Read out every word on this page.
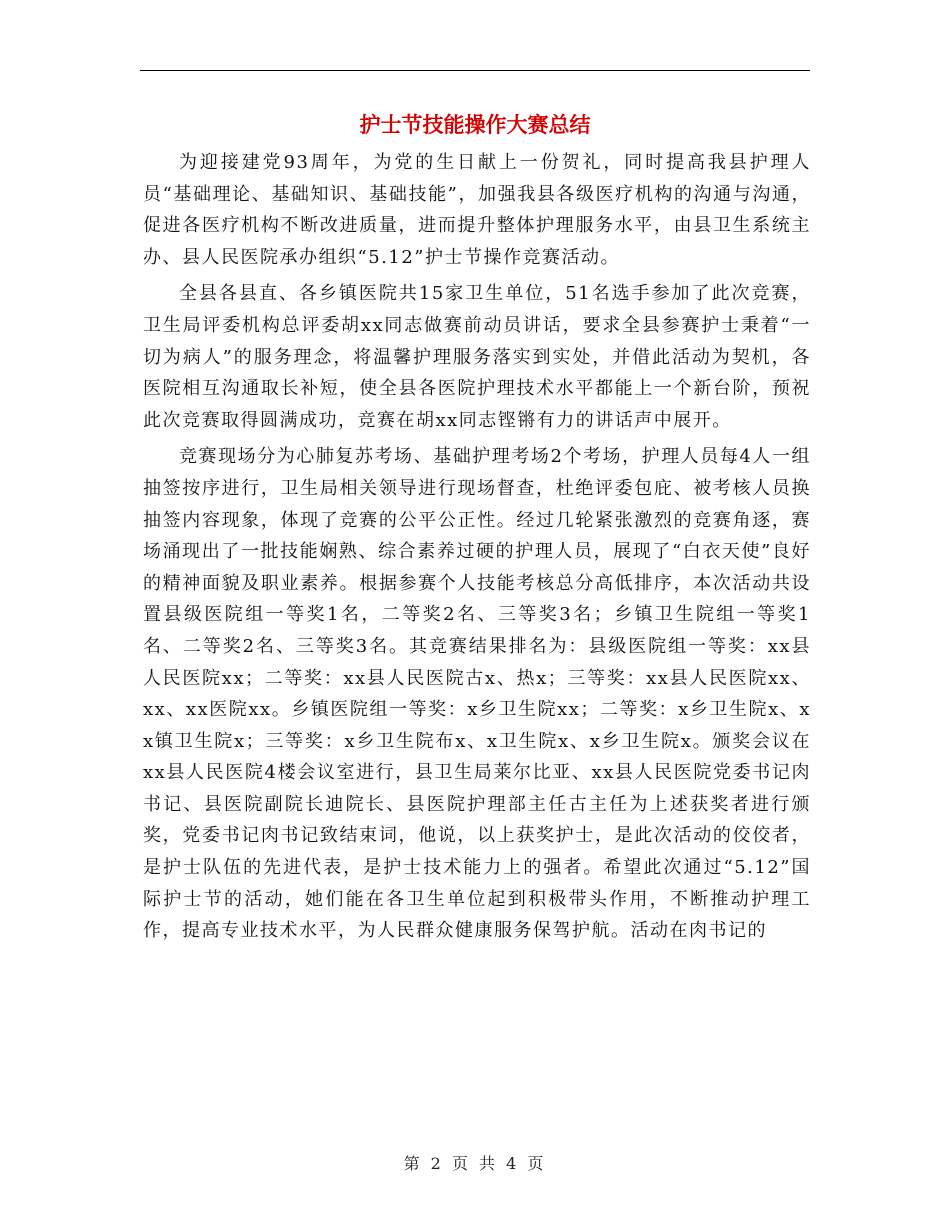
护士节技能操作大赛总结

为迎接建党93周年，为党的生日献上一份贺礼，同时提高我县护理人员“基础理论、基础知识、基础技能”，加强我县各级医疗机构的沟通与沟通，促进各医疗机构不断改进质量，进而提升整体护理服务水平，由县卫生系统主办、县人民医院承办组织“5.12”护士节操作竞赛活动。

全县各县直、各乡镇医院共15家卫生单位，51名选手参加了此次竞赛，卫生局评委机构总评委胡xx同志做赛前动员讲话，要求全县参赛护士秉着“一切为病人”的服务理念，将温馨护理服务落实到实处，并借此活动为契机，各医院相互沟通取长补短，使全县各医院护理技术水平都能上一个新台阶，预祝此次竞赛取得圆满成功，竞赛在胡xx同志铿锵有力的讲话声中展开。

竞赛现场分为心肺复苏考场、基础护理考场2个考场，护理人员每4人一组抽签按序进行，卫生局相关领导进行现场督查，杜绝评委包庇、被考核人员换抽签内容现象，体现了竞赛的公平公正性。经过几轮紧张激烈的竞赛角逐，赛场涌现出了一批技能娴熟、综合素养过硬的护理人员，展现了“白衣天使”良好的精神面貌及职业素养。根据参赛个人技能考核总分高低排序，本次活动共设置县级医院组一等奖1名，二等奖2名、三等奖3名；乡镇卫生院组一等奖1名、二等奖2名、三等奖3名。其竞赛结果排名为：县级医院组一等奖：xx县人民医院xx；二等奖：xx县人民医院古x、热x；三等奖：xx县人民医院xx、xx、xx医院xx。乡镇医院组一等奖：x乡卫生院xx；二等奖：x乡卫生院x、xx镇卫生院x；三等奖：x乡卫生院布x、x卫生院x、x乡卫生院x。颁奖会议在xx县人民医院4楼会议室进行，县卫生局莱尔比亚、xx县人民医院党委书记肉书记、县医院副院长迪院长、县医院护理部主任古主任为上述获奖者进行颁奖，党委书记肉书记致结束词，他说，以上获奖护士，是此次活动的佼佼者，是护士队伍的先进代表，是护士技术能力上的强者。希望此次通过“5.12”国际护士节的活动，她们能在各卫生单位起到积极带头作用，不断推动护理工作，提高专业技术水平，为人民群众健康服务保驾护航。活动在肉书记的

第 2 页 共 4 页
